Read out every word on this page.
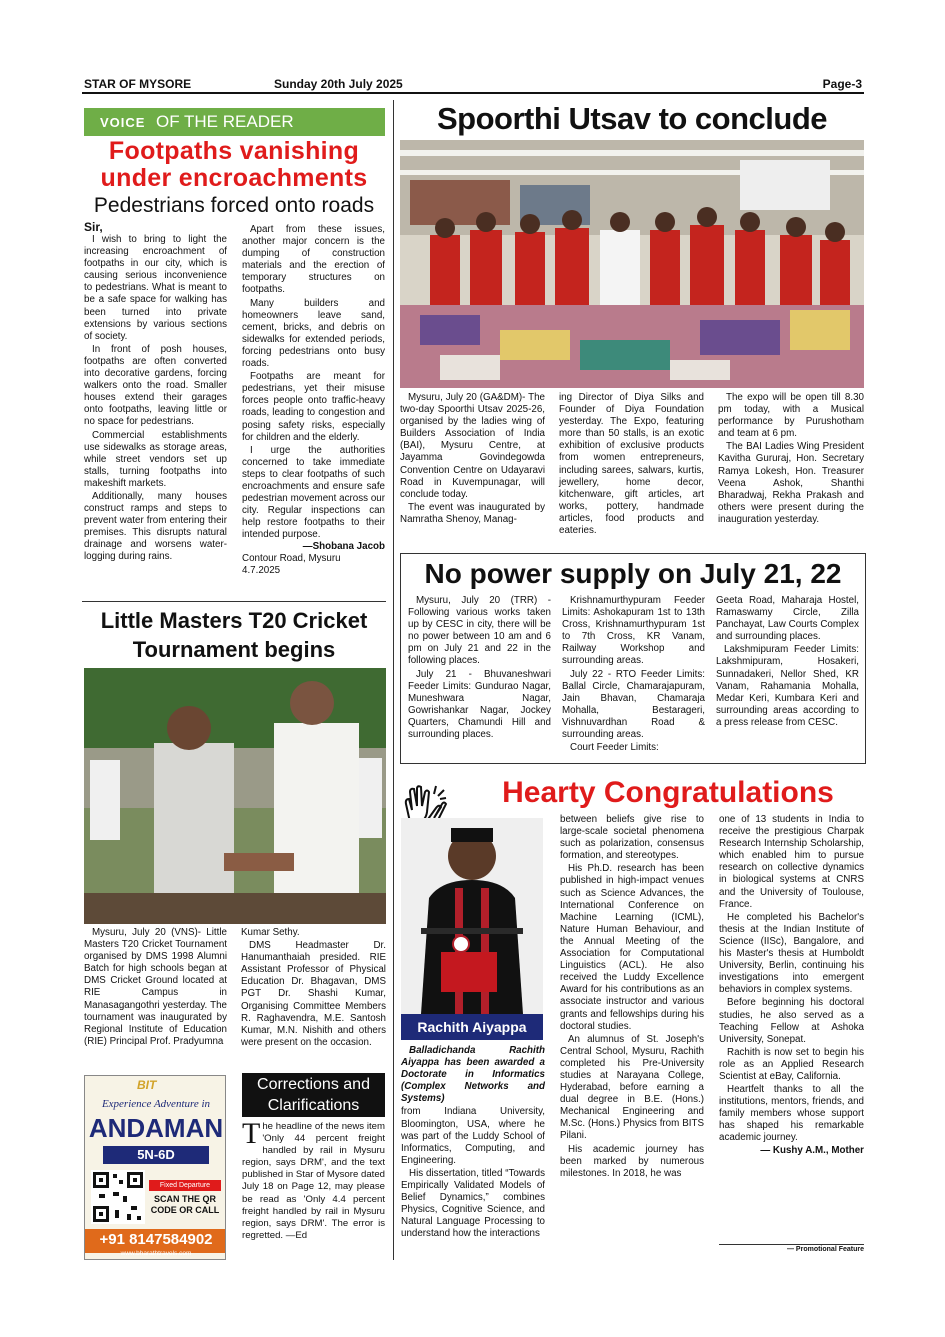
STAR OF MYSORE	Sunday 20th July 2025	Page-3
VOICE OF THE READER
Footpaths vanishing
under encroachments
Pedestrians forced onto roads
Sir,

I wish to bring to light the increasing encroachment of footpaths in our city, which is causing serious inconvenience to pedestrians. What is meant to be a safe space for walking has been turned into private extensions by various sections of society.

In front of posh houses, footpaths are often converted into decorative gardens, forcing walkers onto the road. Smaller houses extend their garages onto footpaths, leaving little or no space for pedestrians.

Commercial establishments use sidewalks as storage areas, while street vendors set up stalls, turning footpaths into makeshift markets.

Additionally, many houses construct ramps and steps to prevent water from entering their premises. This disrupts natural drainage and worsens water-logging during rains.

Apart from these issues, another major concern is the dumping of construction materials and the erection of temporary structures on footpaths.

Many builders and homeowners leave sand, cement, bricks, and debris on sidewalks for extended periods, forcing pedestrians onto busy roads.

Footpaths are meant for pedestrians, yet their misuse forces people onto traffic-heavy roads, leading to congestion and posing safety risks, especially for children and the elderly.

I urge the authorities concerned to take immediate steps to clear footpaths of such encroachments and ensure safe pedestrian movement across our city. Regular inspections can help restore footpaths to their intended purpose.

—Shobana Jacob
Contour Road, Mysuru
4.7.2025
Spoorthi Utsav to conclude

Mysuru, July 20 (GA&DM)- The two-day Spoorthi Utsav 2025-26, organised by the ladies wing of Builders Association of India (BAI), Mysuru Centre, at Jayamma Govindegowda Convention Centre on Udayaravi Road in Kuvempunagar, will conclude today.

The event was inaugurated by Namratha Shenoy, Manag-

ing Director of Diya Silks and Founder of Diya Foundation yesterday. The Expo, featuring more than 50 stalls, is an exotic exhibition of exclusive products from women entrepreneurs, including sarees, salwars, kurtis, jewellery, home decor, kitchenware, gift articles, art works, pottery, handmade articles, food products and eateries.

The expo will be open till 8.30 pm today, with a Musical performance by Purushotham and team at 6 pm.

The BAI Ladies Wing President Kavitha Gururaj, Hon. Secretary Ramya Lokesh, Hon. Treasurer Veena Ashok, Shanthi Bharadwaj, Rekha Prakash and others were present during the inauguration yesterday.

No power supply on July 21, 22

Mysuru, July 20 (TRR) - Following various works taken up by CESC in city, there will be no power between 10 am and 6 pm on July 21 and 22 in the following places.

July 21 - Bhuvaneshwari Feeder Limits: Gunduraо Nagar, Muneshwara Nagar, Gowrishankar Nagar, Jockey Quarters, Chamundi Hill and surrounding places.

Krishnamurthypuram Feeder Limits: Ashokapuram 1st to 13th Cross, Krishnamurthypuram 1st to 7th Cross, KR Vanam, Railway Workshop and surrounding areas.

July 22 - RTO Feeder Limits: Ballal Circle, Chamarajapuram, Jain Bhavan, Chamaraja Mohalla, Bestarageri, Vishnuvardhan Road & surrounding areas.

Court Feeder Limits:

Geeta Road, Maharaja Hostel, Ramaswamy Circle, Zilla Panchayat, Law Courts Complex and surrounding places.

Lakshmipuram Feeder Limits: Lakshmipuram, Hosakeri, Sunnadakeri, Nellor Shed, KR Vanam, Rahamania Mohalla, Medar Keri, Kumbara Keri and surrounding areas according to a press release from CESC.

Little Masters T20 Cricket
Tournament begins

Mysuru, July 20 (VNS)- Little Masters T20 Cricket Tournament organised by DMS 1998 Alumni Batch for high schools began at DMS Cricket Ground located at RIE Campus in Manasagangothri yesterday. The tournament was inaugurated by Regional Institute of Education (RIE) Principal Prof. Pradyumna

Kumar Sethy.

DMS Headmaster Dr. Hanumanthaiah presided. RIE Assistant Professor of Physical Education Dr. Bhagavan, DMS PGT Dr. Shashi Kumar, Organising Committee Members R. Raghavendra, M.E. Santosh Kumar, M.N. Nishith and others were present on the occasion.

BIT
Experience Adventure in
ANDAMAN
5N-6D
Fixed Departure
SCAN THE QR CODE OR CALL
+91 8147584902
www.bharathtravels.com
Corrections and
Clarifications
The headline of the news item 'Only 44 percent freight handled by rail in Mysuru region, says DRM', and the text published in Star of Mysore dated July 18 on Page 12, may please be read as 'Only 4.4 percent freight handled by rail in Mysuru region, says DRM'. The error is regretted. —Ed
Hearty Congratulations
Rachith Aiyappa

Balladichanda Rachith Aiyappa has been awarded a Doctorate in Informatics (Complex Networks and Systems)

from Indiana University, Bloomington, USA, where he was part of the Luddy School of Informatics, Computing, and Engineering.

His dissertation, titled “Towards Empirically Validated Models of Belief Dynamics,” combines Physics, Cognitive Science, and Natural Language Processing to understand how the interactions

between beliefs give rise to large-scale societal phenomena such as polarization, consensus formation, and stereotypes.

His Ph.D. research has been published in high-impact venues such as Science Advances, the International Conference on Machine Learning (ICML), Nature Human Behaviour, and the Annual Meeting of the Association for Computational Linguistics (ACL). He also received the Luddy Excellence Award for his contributions as an associate instructor and various grants and fellowships during his doctoral studies.

An alumnus of St. Joseph's Central School, Mysuru, Rachith completed his Pre-University studies at Narayana College, Hyderabad, before earning a dual degree in B.E. (Hons.) Mechanical Engineering and M.Sc. (Hons.) Physics from BITS Pilani.

His academic journey has been marked by numerous milestones. In 2018, he was

one of 13 students in India to receive the prestigious Charpak Research Internship Scholarship, which enabled him to pursue research on collective dynamics in biological systems at CNRS and the University of Toulouse, France.

He completed his Bachelor's thesis at the Indian Institute of Science (IISc), Bangalore, and his Master's thesis at Humboldt University, Berlin, continuing his investigations into emergent behaviors in complex systems.

Before beginning his doctoral studies, he also served as a Teaching Fellow at Ashoka University, Sonepat.

Rachith is now set to begin his role as an Applied Research Scientist at eBay, California.

Heartfelt thanks to all the institutions, mentors, friends, and family members whose support has shaped his remarkable academic journey.

— Kushy A.M., Mother
— Promotional Feature
